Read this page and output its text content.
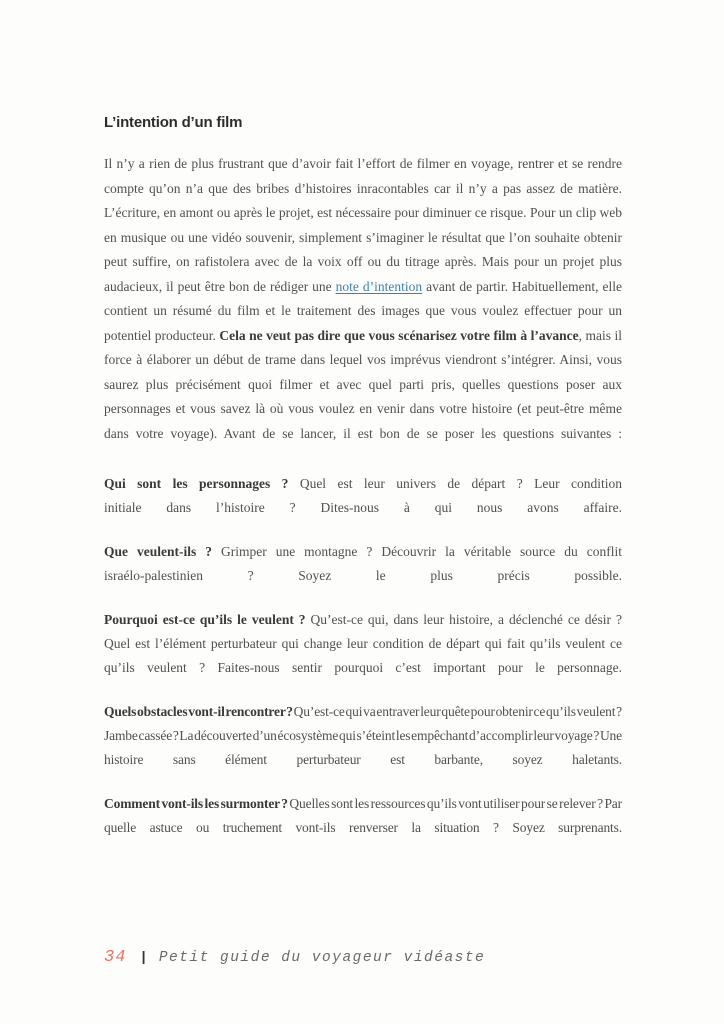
L’intention d’un film

Il n’y a rien de plus frustrant que d’avoir fait l’effort de filmer en voyage, rentrer et se rendre compte qu’on n’a que des bribes d’histoires inracontables car il n’y a pas assez de matière. L’écriture, en amont ou après le projet, est nécessaire pour diminuer ce risque. Pour un clip web en musique ou une vidéo souvenir, simplement s’imaginer le résultat que l’on souhaite obtenir peut suffire, on rafistolera avec de la voix off ou du titrage après. Mais pour un projet plus audacieux, il peut être bon de rédiger une note d’intention avant de partir. Habituellement, elle contient un résumé du film et le traitement des images que vous voulez effectuer pour un potentiel producteur. Cela ne veut pas dire que vous scénarisez votre film à l’avance, mais il force à élaborer un début de trame dans lequel vos imprévus viendront s’intégrer. Ainsi, vous saurez plus précisément quoi filmer et avec quel parti pris, quelles questions poser aux personnages et vous savez là où vous voulez en venir dans votre histoire (et peut-être même dans votre voyage). Avant de se lancer, il est bon de se poser les questions suivantes :

Qui sont les personnages ? Quel est leur univers de départ ? Leur condition initiale dans l’histoire ? Dites-nous à qui nous avons affaire.

Que veulent-ils ? Grimper une montagne ? Découvrir la véritable source du conflit israélo-palestinien ? Soyez le plus précis possible.

Pourquoi est-ce qu’ils le veulent ? Qu’est-ce qui, dans leur histoire, a déclenché ce désir ? Quel est l’élément perturbateur qui change leur condition de départ qui fait qu’ils veulent ce qu’ils veulent ? Faites-nous sentir pourquoi c’est important pour le personnage.

Quels obstacles vont-il rencontrer ? Qu’est-ce qui va entraver leur quête pour obtenir ce qu’ils veulent ? Jambe cassée ? La découverte d’un écosystème qui s’éteint les empêchant d’accomplir leur voyage ? Une histoire sans élément perturbateur est barbante, soyez haletants.

Comment vont-ils les surmonter ? Quelles sont les ressources qu’ils vont utiliser pour se relever ? Par quelle astuce ou truchement vont-ils renverser la situation ? Soyez surprenants.

34 | Petit guide du voyageur vidéaste
